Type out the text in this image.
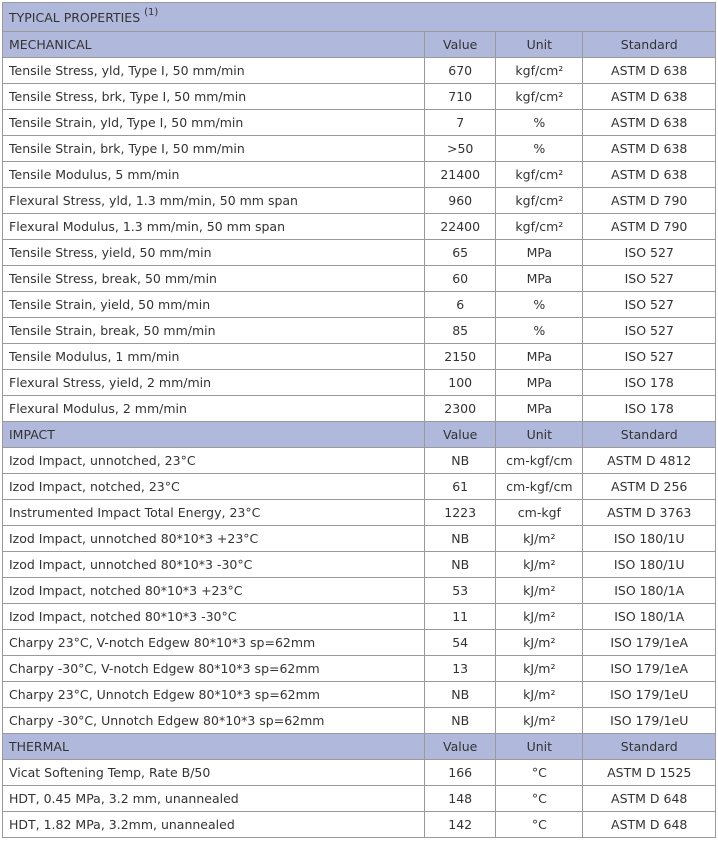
TYPICAL PROPERTIES $^{(1)}$
MECHANICAL	Value	Unit	Standard
Tensile Stress, yld, Type I, 50 mm/min	670	kgf/cm²	ASTM D 638
Tensile Stress, brk, Type I, 50 mm/min	710	kgf/cm²	ASTM D 638
Tensile Strain, yld, Type I, 50 mm/min	7	%	ASTM D 638
Tensile Strain, brk, Type I, 50 mm/min	>50	%	ASTM D 638
Tensile Modulus, 5 mm/min	21400	kgf/cm²	ASTM D 638
Flexural Stress, yld, 1.3 mm/min, 50 mm span	960	kgf/cm²	ASTM D 790
Flexural Modulus, 1.3 mm/min, 50 mm span	22400	kgf/cm²	ASTM D 790
Tensile Stress, yield, 50 mm/min	65	MPa	ISO 527
Tensile Stress, break, 50 mm/min	60	MPa	ISO 527
Tensile Strain, yield, 50 mm/min	6	%	ISO 527
Tensile Strain, break, 50 mm/min	85	%	ISO 527
Tensile Modulus, 1 mm/min	2150	MPa	ISO 527
Flexural Stress, yield, 2 mm/min	100	MPa	ISO 178
Flexural Modulus, 2 mm/min	2300	MPa	ISO 178
IMPACT	Value	Unit	Standard
Izod Impact, unnotched, 23°C	NB	cm-kgf/cm	ASTM D 4812
Izod Impact, notched, 23°C	61	cm-kgf/cm	ASTM D 256
Instrumented Impact Total Energy, 23°C	1223	cm-kgf	ASTM D 3763
Izod Impact, unnotched 80*10*3 +23°C	NB	kJ/m²	ISO 180/1U
Izod Impact, unnotched 80*10*3 -30°C	NB	kJ/m²	ISO 180/1U
Izod Impact, notched 80*10*3 +23°C	53	kJ/m²	ISO 180/1A
Izod Impact, notched 80*10*3 -30°C	11	kJ/m²	ISO 180/1A
Charpy 23°C, V-notch Edgew 80*10*3 sp=62mm	54	kJ/m²	ISO 179/1eA
Charpy -30°C, V-notch Edgew 80*10*3 sp=62mm	13	kJ/m²	ISO 179/1eA
Charpy 23°C, Unnotch Edgew 80*10*3 sp=62mm	NB	kJ/m²	ISO 179/1eU
Charpy -30°C, Unnotch Edgew 80*10*3 sp=62mm	NB	kJ/m²	ISO 179/1eU
THERMAL	Value	Unit	Standard
Vicat Softening Temp, Rate B/50	166	°C	ASTM D 1525
HDT, 0.45 MPa, 3.2 mm, unannealed	148	°C	ASTM D 648
HDT, 1.82 MPa, 3.2mm, unannealed	142	°C	ASTM D 648
